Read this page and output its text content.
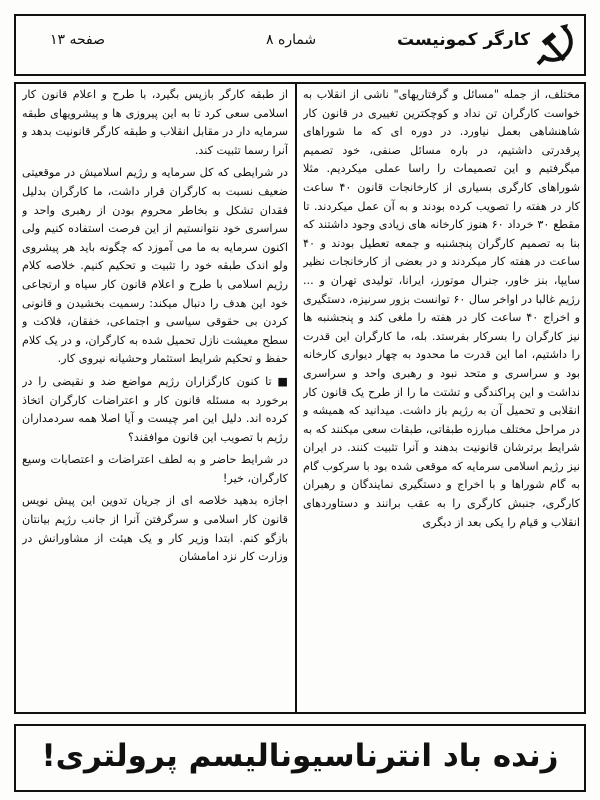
کارگر کمونیست
شماره ۸
صفحه ۱۳

مختلف، از جمله "مسائل و گرفتاریهای" ناشی از انقلاب به خواست کارگران تن نداد و کوچکترین تغییری در قانون کار شاهنشاهی بعمل نیاورد. در دوره ای که ما شوراهای پرقدرتی داشتیم، در باره مسائل صنفی، خود تصمیم میگرفتیم و این تصمیمات را راسا عملی میکردیم. مثلا شوراهای کارگری بسیاری از کارخانجات قانون ۴۰ ساعت کار در هفته را تصویب کرده بودند و به آن عمل میکردند. تا مقطع ۳۰ خرداد ۶۰ هنوز کارخانه های زیادی وجود داشتند که بنا به تصمیم کارگران پنجشنبه و جمعه تعطیل بودند و ۴۰ ساعت در هفته کار میکردند و در بعضی از کارخانجات نظیر سایپا، بنز خاور، جنرال موتورز، ایرانا، تولیدی تهران و ... رژیم غالبا در اواخر سال ۶۰ توانست بزور سرنیزه، دستگیری و اخراج ۴۰ ساعت کار در هفته را ملغی کند و پنجشنبه ها نیز کارگران را بسرکار بفرستد. بله، ما کارگران این قدرت را داشتیم، اما این قدرت ما محدود به چهار دیواری کارخانه بود و سراسری و متحد نبود و رهبری واحد و سراسری نداشت و این پراکندگی و تشتت ما را از طرح یک قانون کار انقلابی و تحمیل آن به رژیم باز داشت. میدانید که همیشه و در مراحل مختلف مبارزه طبقاتی، طبقات سعی میکنند که به شرایط برترشان قانونیت بدهند و آنرا تثبیت کنند. در ایران نیز رژیم اسلامی سرمایه که موقعی شده بود با سرکوب گام به گام شوراها و با اخراج و دستگیری نمایندگان و رهبران کارگری، جنبش کارگری را به عقب برانند و دستاوردهای انقلاب و قیام را یکی بعد از دیگری

از طبقه کارگر بازپس بگیرد، با طرح و اعلام قانون کار اسلامی سعی کرد تا به این پیروزی ها و پیشرویهای طبقه سرمایه دار در مقابل انقلاب و طبقه کارگر قانونیت بدهد و آنرا رسما تثبیت کند.

در شرایطی که کل سرمایه و رژیم اسلامیش در موقعیتی ضعیف نسبت به کارگران قرار داشت، ما کارگران بدلیل فقدان تشکل و بخاطر محروم بودن از رهبری واحد و سراسری خود نتوانستیم از این فرصت استفاده کنیم ولی اکنون سرمایه به ما می آموزد که چگونه باید هر پیشروی ولو اندک طبقه خود را تثبیت و تحکیم کنیم. خلاصه کلام رژیم اسلامی با طرح و اعلام قانون کار سیاه و ارتجاعی خود این هدف را دنبال میکند: رسمیت بخشیدن و قانونی کردن بی حقوقی سیاسی و اجتماعی، خفقان، فلاکت و سطح معیشت نازل تحمیل شده به کارگران، و در یک کلام حفظ و تحکیم شرایط استثمار وحشیانه نیروی کار.

■ تا کنون کارگزاران رژیم مواضع ضد و نقیضی را در برخورد به مسئله قانون کار و اعتراضات کارگران اتخاذ کرده اند. دلیل این امر چیست و آیا اصلا همه سردمداران رژیم با تصویب این قانون موافقند؟

در شرایط حاضر و به لطف اعتراضات و اعتصابات وسیع کارگران، خیر!

اجازه بدهید خلاصه ای از جریان تدوین این پیش نویس قانون کار اسلامی و سرگرفتن آنرا از جانب رژیم بیانتان بازگو کنم. ابتدا وزیر کار و یک هیئت از مشاورانش در وزارت کار نزد امامشان

زنده باد انترناسیونالیسم پرولتری!
